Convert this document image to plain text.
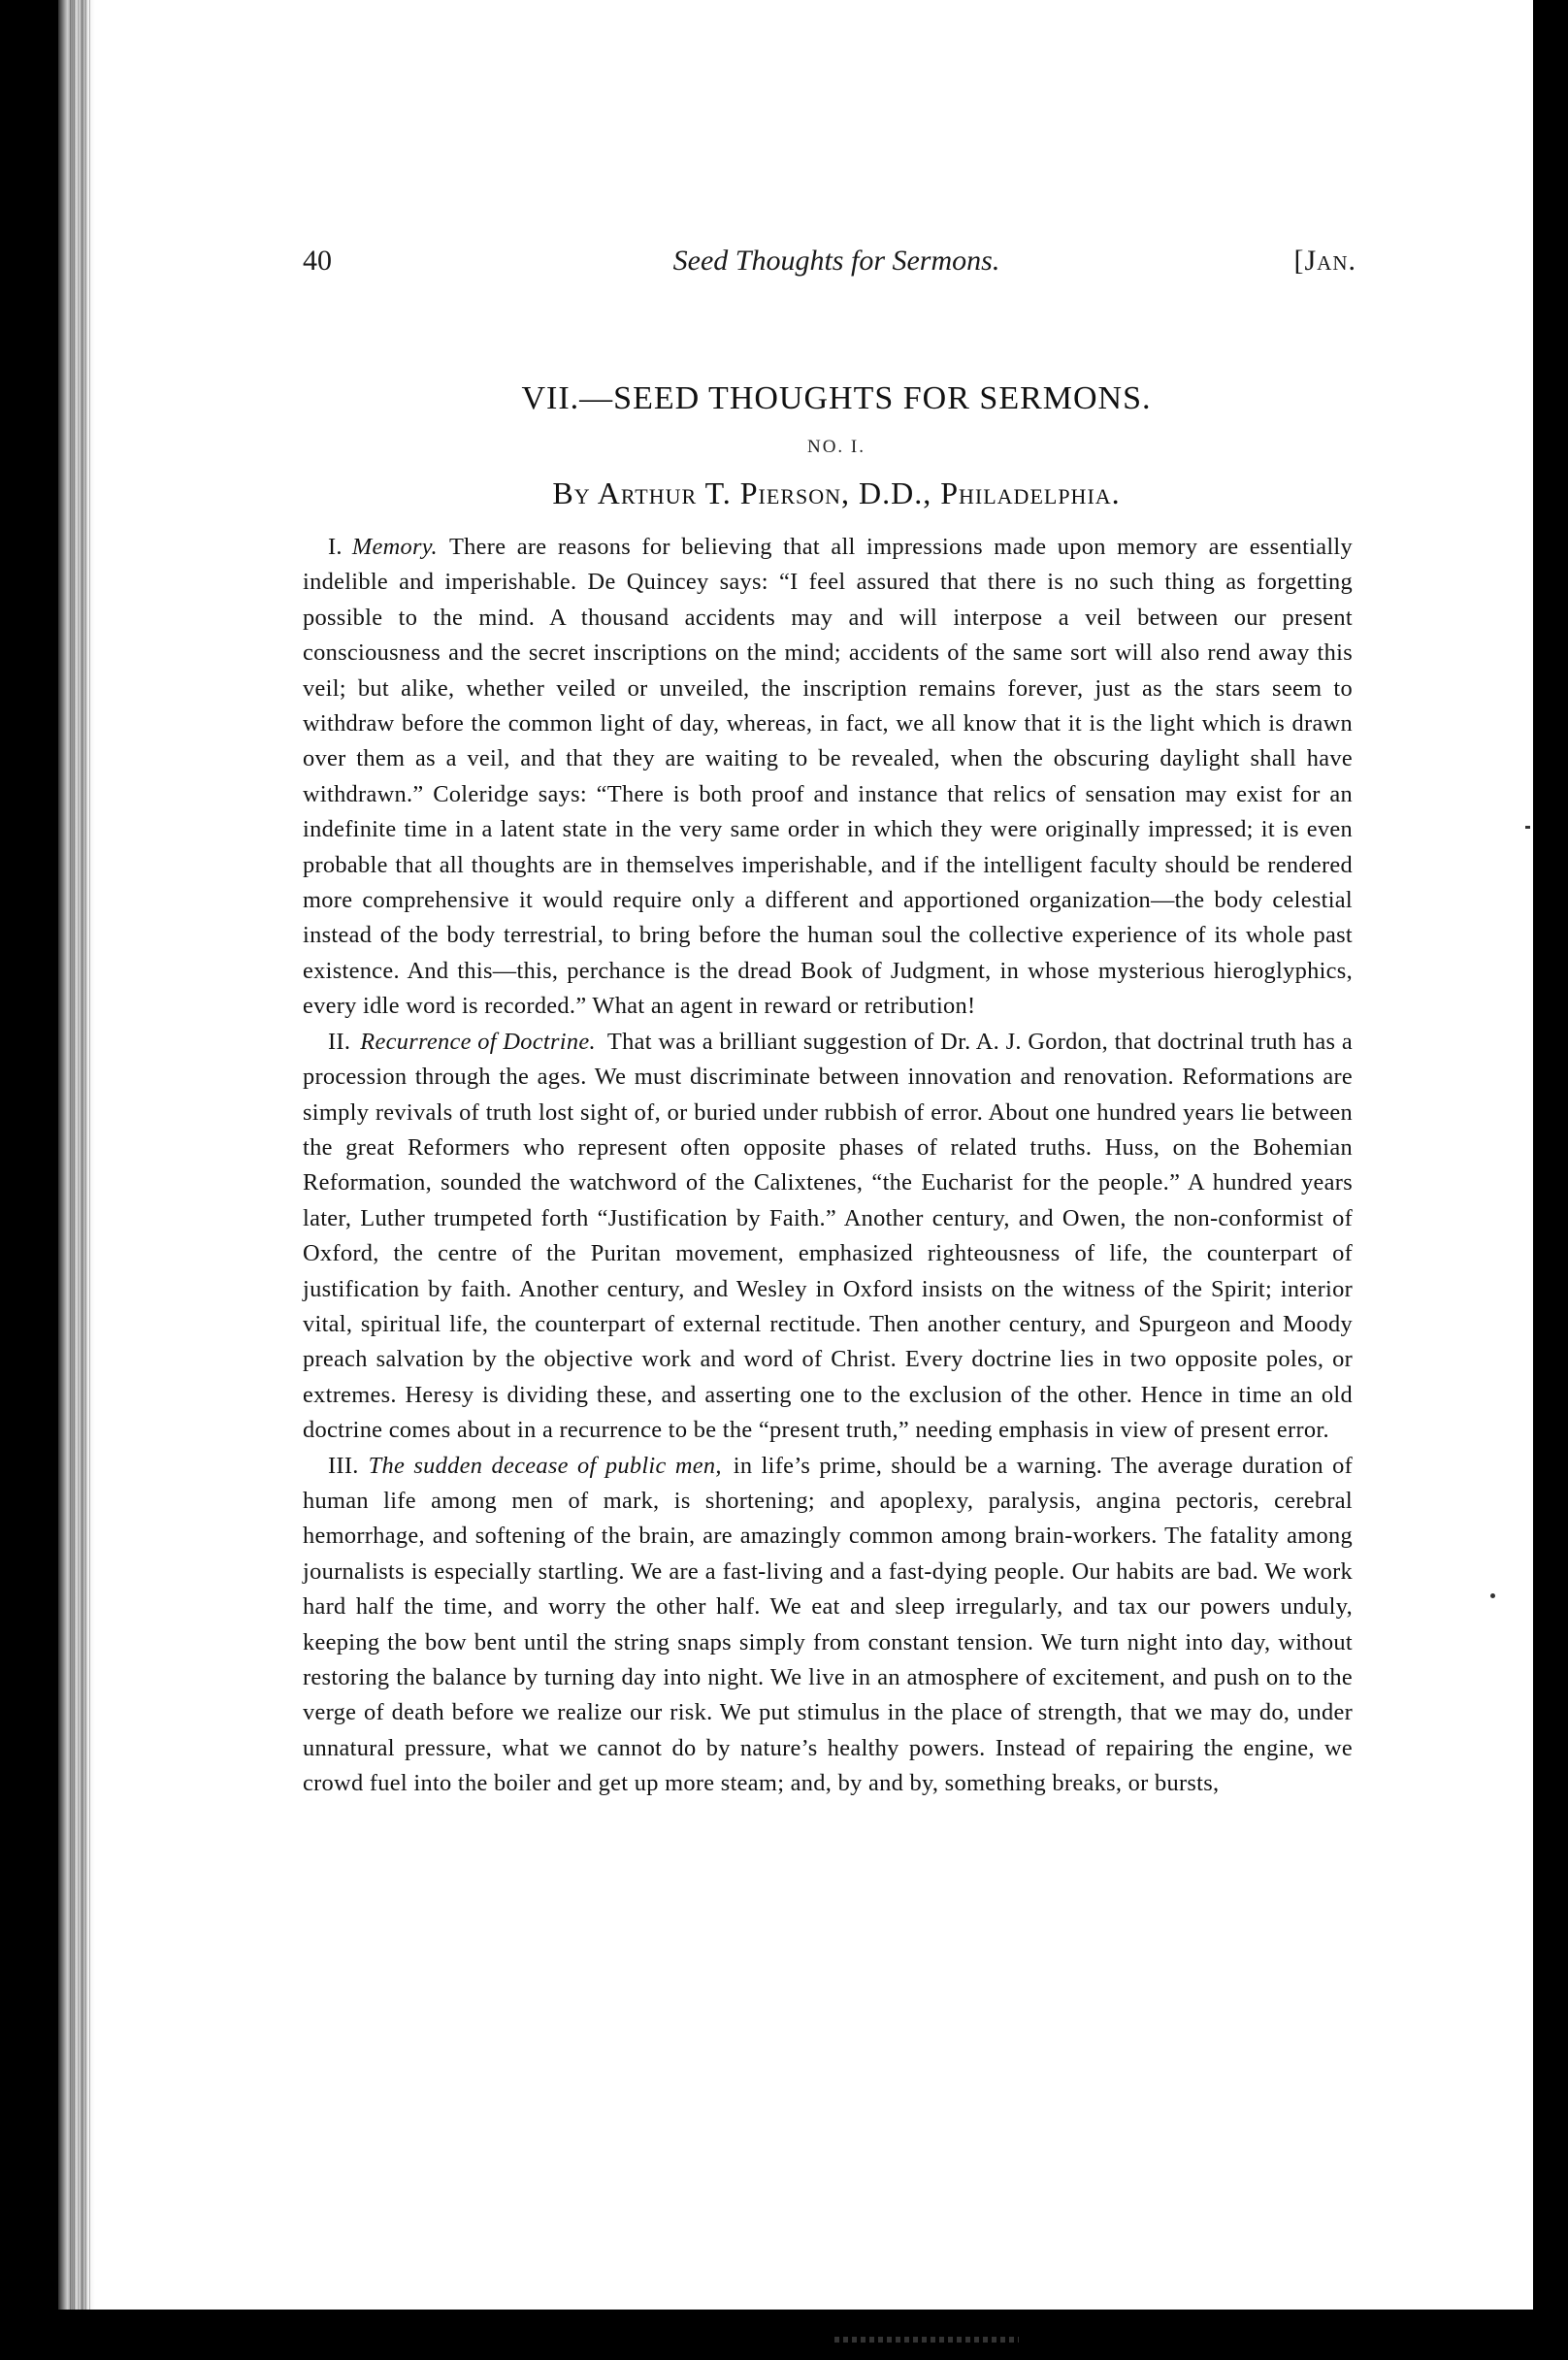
40	Seed Thoughts for Sermons.	[Jan.
VII.—SEED THOUGHTS FOR SERMONS.
NO. I.
By Arthur T. Pierson, D.D., Philadelphia.

I. Memory. There are reasons for believing that all impressions made upon memory are essentially indelible and imperishable. De Quincey says: “I feel assured that there is no such thing as forgetting possible to the mind. A thousand accidents may and will interpose a veil between our present consciousness and the secret inscriptions on the mind; accidents of the same sort will also rend away this veil; but alike, whether veiled or unveiled, the inscription remains forever, just as the stars seem to withdraw before the common light of day, whereas, in fact, we all know that it is the light which is drawn over them as a veil, and that they are waiting to be revealed, when the obscuring daylight shall have withdrawn.” Coleridge says: “There is both proof and instance that relics of sensation may exist for an indefinite time in a latent state in the very same order in which they were originally impressed; it is even probable that all thoughts are in themselves imperishable, and if the intelligent faculty should be rendered more comprehensive it would require only a different and apportioned organization—the body celestial instead of the body terrestrial, to bring before the human soul the collective experience of its whole past existence. And this—this, perchance is the dread Book of Judgment, in whose mysterious hieroglyphics, every idle word is recorded.” What an agent in reward or retribution!

II. Recurrence of Doctrine. That was a brilliant suggestion of Dr. A. J. Gordon, that doctrinal truth has a procession through the ages. We must discriminate between innovation and renovation. Reformations are simply revivals of truth lost sight of, or buried under rubbish of error. About one hundred years lie between the great Reformers who represent often opposite phases of related truths. Huss, on the Bohemian Reformation, sounded the watchword of the Calixtenes, “the Eucharist for the people.” A hundred years later, Luther trumpeted forth “Justification by Faith.” Another century, and Owen, the non-conformist of Oxford, the centre of the Puritan movement, emphasized righteousness of life, the counterpart of justification by faith. Another century, and Wesley in Oxford insists on the witness of the Spirit; interior vital, spiritual life, the counterpart of external rectitude. Then another century, and Spurgeon and Moody preach salvation by the objective work and word of Christ. Every doctrine lies in two opposite poles, or extremes. Heresy is dividing these, and asserting one to the exclusion of the other. Hence in time an old doctrine comes about in a recurrence to be the “present truth,” needing emphasis in view of present error.

III. The sudden decease of public men, in life’s prime, should be a warning. The average duration of human life among men of mark, is shortening; and apoplexy, paralysis, angina pectoris, cerebral hemorrhage, and softening of the brain, are amazingly common among brain-workers. The fatality among journalists is especially startling. We are a fast-living and a fast-dying people. Our habits are bad. We work hard half the time, and worry the other half. We eat and sleep irregularly, and tax our powers unduly, keeping the bow bent until the string snaps simply from constant tension. We turn night into day, without restoring the balance by turning day into night. We live in an atmosphere of excitement, and push on to the verge of death before we realize our risk. We put stimulus in the place of strength, that we may do, under unnatural pressure, what we cannot do by nature’s healthy powers. Instead of repairing the engine, we crowd fuel into the boiler and get up more steam; and, by and by, something breaks, or bursts,
